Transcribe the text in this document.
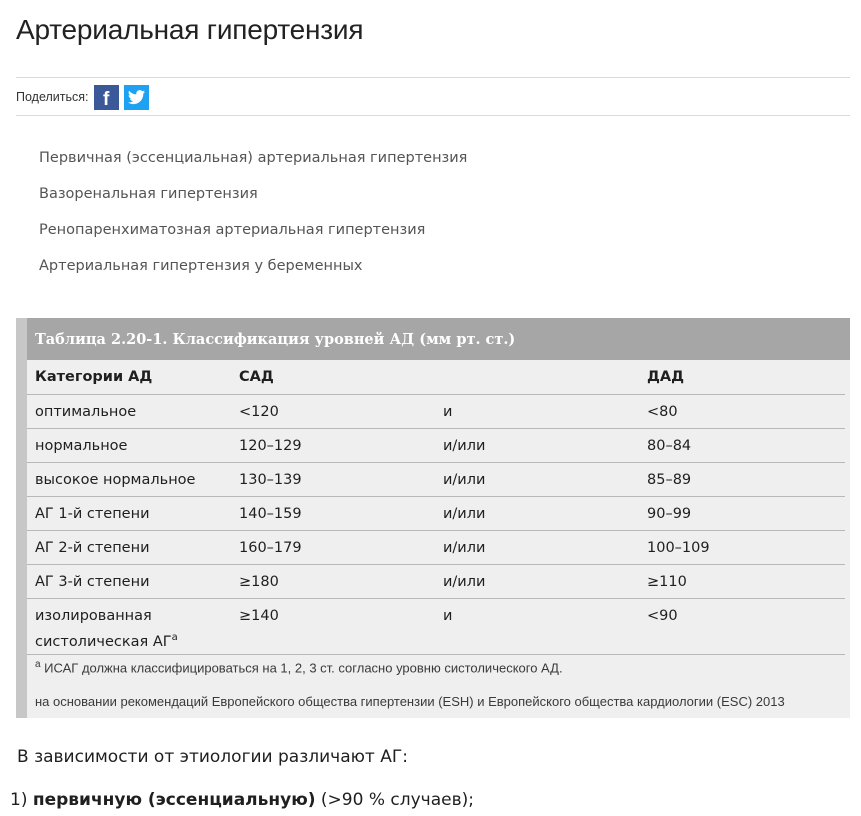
Артериальная гипертензия
Поделиться: f
Первичная (эссенциальная) артериальная гипертензия
Вазоренальная гипертензия
Ренопаренхиматозная артериальная гипертензия
Артериальная гипертензия у беременных
Таблица 2.20-1. Классификация уровней АД (мм рт. ст.)
Категории АД	САД		ДАД
оптимальное	<120	и	<80
нормальное	120–129	и/или	80–84
высокое нормальное	130–139	и/или	85–89
АГ 1-й степени	140–159	и/или	90–99
АГ 2-й степени	160–179	и/или	100–109
АГ 3-й степени	≥180	и/или	≥110
изолированная
систолическая $АГ^а$	≥140	и	<90
$^а$ ИСАГ должна классифицироваться на 1, 2, 3 ст. согласно уровню систолического АД.
на основании рекомендаций Европейского общества гипертензии (ESH) и Европейского общества кардиологии (ESC) 2013

В зависимости от этиологии различают АГ:

1) первичную (эссенциальную) (>90 % случаев);
